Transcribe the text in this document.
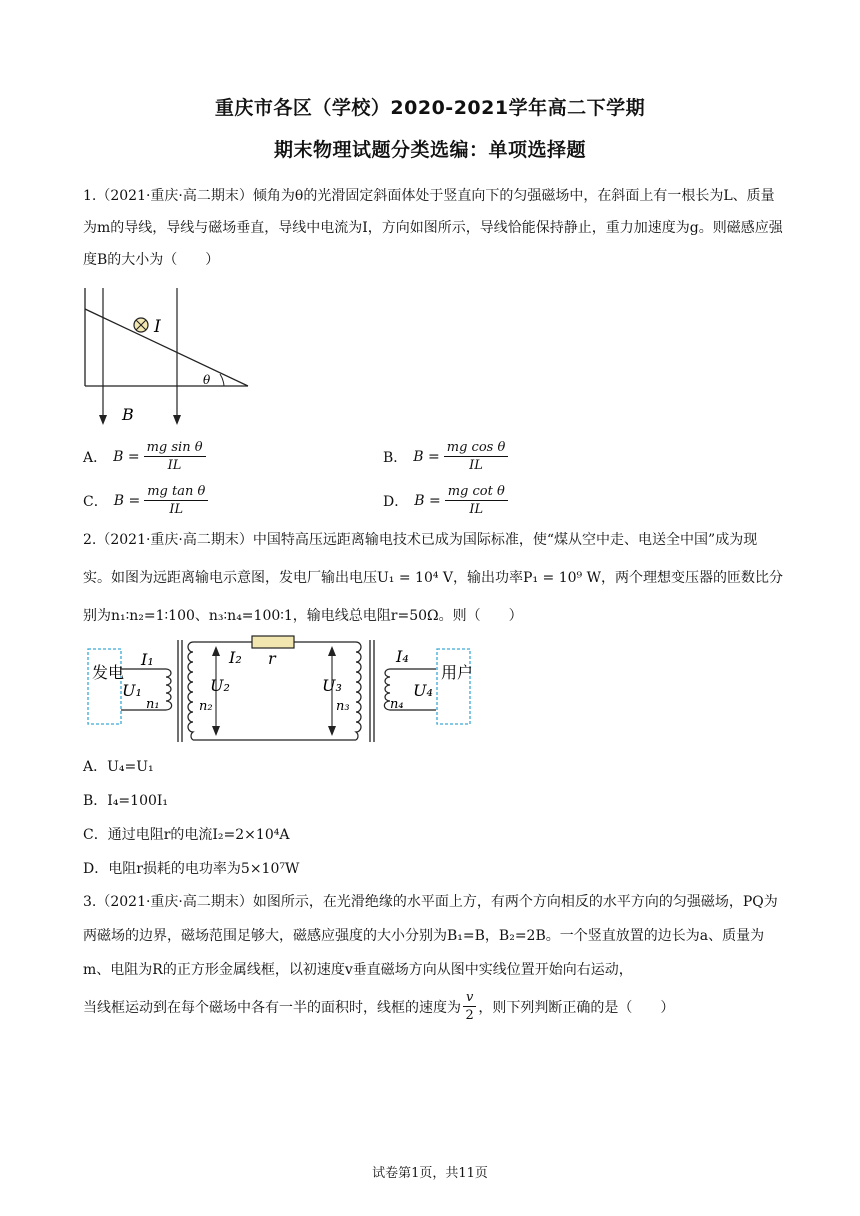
重庆市各区（学校）2020-2021学年高二下学期
期末物理试题分类选编：单项选择题
1.（2021·重庆·高二期末）倾角为θ的光滑固定斜面体处于竖直向下的匀强磁场中，在斜面上有一根长为L、质量为m的导线，导线与磁场垂直，导线中电流为I，方向如图所示，导线恰能保持静止，重力加速度为g。则磁感应强度B的大小为（　　）
I
θ
B
A． $B = \frac{\text{mg sin θ}}{IL}$	B． $B = \frac{\text{mg cos θ}}{IL}$
C． $B = \frac{\text{mg tan θ}}{IL}$	D． $B = \frac{\text{mg cot θ}}{IL}$
2.（2021·重庆·高二期末）中国特高压远距离输电技术已成为国际标准，使“煤从空中走、电送全中国”成为现实。如图为远距离输电示意图，发电厂输出电压U₁ = 10⁴ V，输出功率P₁ = 10⁹ W，两个理想变压器的匝数比分别为n₁∶n₂=1∶100、n₃∶n₄=100∶1，输电线总电阻r=50Ω。则（　　）
发电
I₁
U₁
n₁
I₂
U₂
n₂
r
U₃
n₃
I₄
n₄
U₄
用户
A．U₄=U₁
B．I₄=100I₁
C．通过电阻r的电流I₂=2×10⁴A
D．电阻r损耗的电功率为5×10⁷W
3.（2021·重庆·高二期末）如图所示，在光滑绝缘的水平面上方，有两个方向相反的水平方向的匀强磁场，PQ为两磁场的边界，磁场范围足够大，磁感应强度的大小分别为B₁=B，B₂=2B。一个竖直放置的边长为a、质量为m、电阻为R的正方形金属线框，以初速度v垂直磁场方向从图中实线位置开始向右运动，
当线框运动到在每个磁场中各有一半的面积时，线框的速度为 $\frac{v}{2}$ ，则下列判断正确的是（　　）
试卷第1页，共11页
